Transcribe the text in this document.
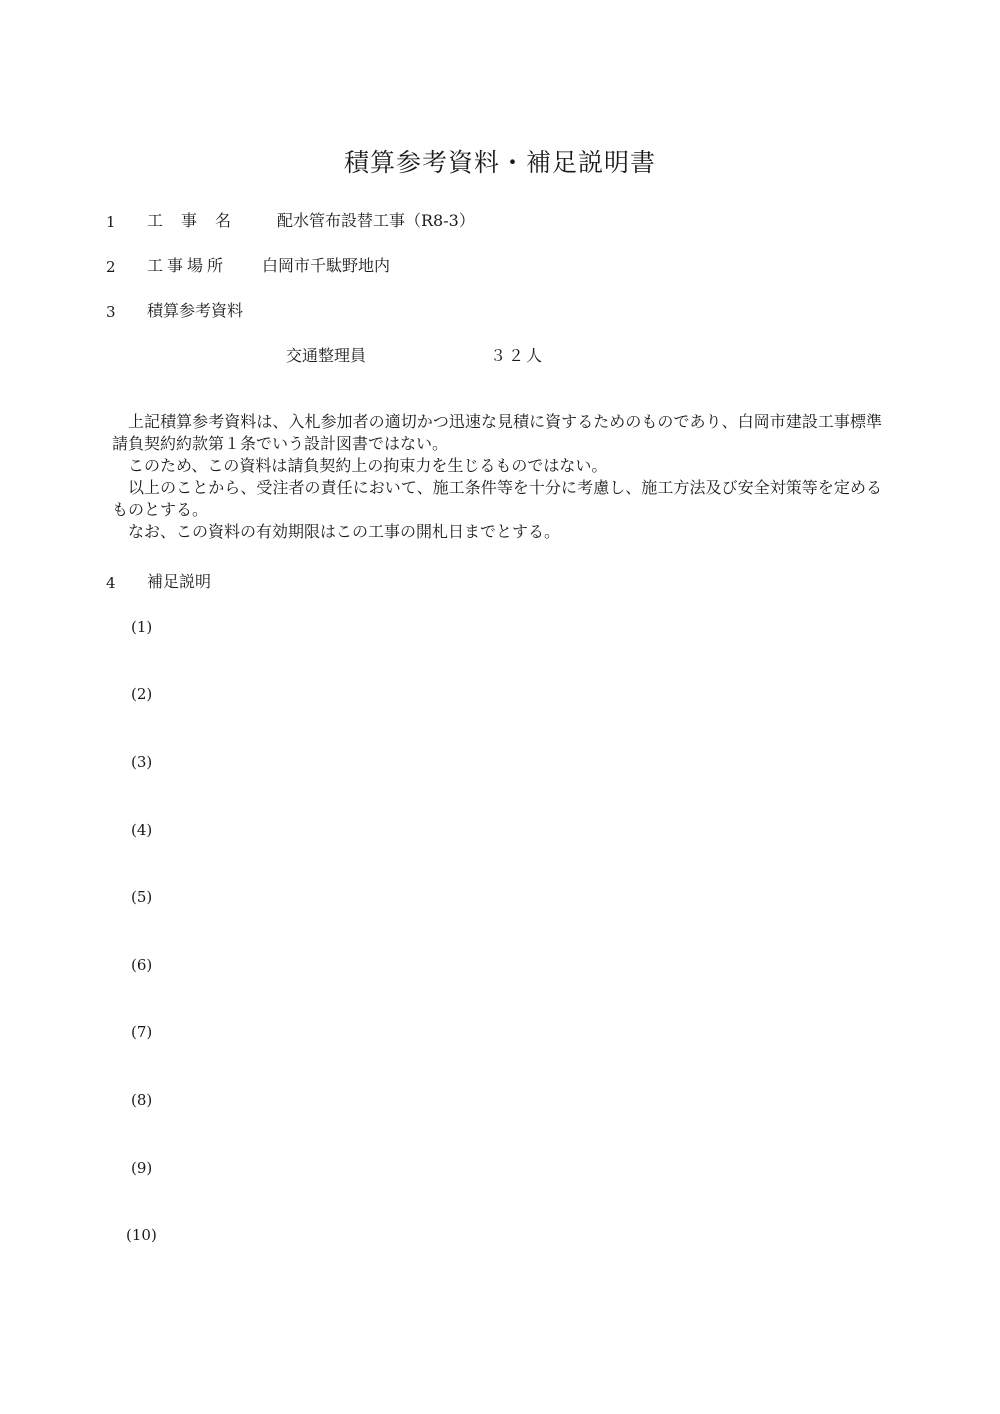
積算参考資料・補足説明書
1 工　事　名	配水管布設替工事（R8-3）
2 工事場所 白岡市千駄野地内
3 積算参考資料
交通整理員	３２人

上記積算参考資料は、入札参加者の適切かつ迅速な見積に資するためのものであり、白岡市建設工事標準請負契約約款第１条でいう設計図書ではない。

このため、この資料は請負契約上の拘束力を生じるものではない。

以上のことから、受注者の責任において、施工条件等を十分に考慮し、施工方法及び安全対策等を定めるものとする。

なお、この資料の有効期限はこの工事の開札日までとする。

4 補足説明
(1)
(2)
(3)
(4)
(5)
(6)
(7)
(8)
(9)
(10)
